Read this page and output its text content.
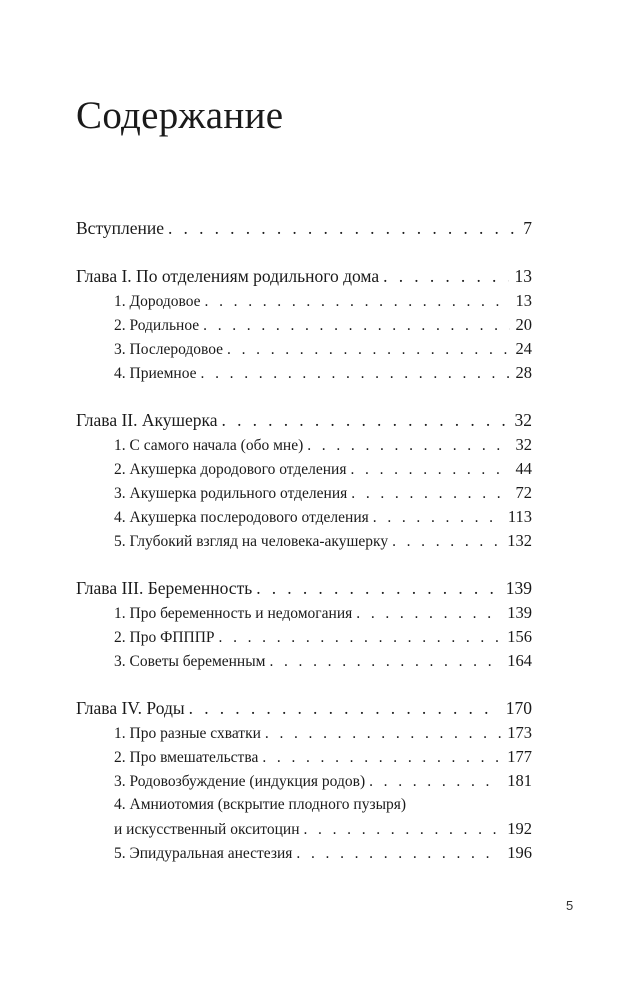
Содержание
Вступление . . .	7
Глава I. По отделениям родильного дома . . .	13
1. Дородовое . . .	13
2. Родильное . . .	20
3. Послеродовое . . .	24
4. Приемное . . .	28
Глава II. Акушерка . . .	32
1. С самого начала (обо мне) . . .	32
2. Акушерка дородового отделения . . .	44
3. Акушерка родильного отделения . . .	72
4. Акушерка послеродового отделения . . .	113
5. Глубокий взгляд на человека-акушерку . . .	132
Глава III. Беременность . . .	139
1. Про беременность и недомогания . . .	139
2. Про ФПППР . . .	156
3. Советы беременным . . .	164
Глава IV. Роды . . .	170
1. Про разные схватки . . .	173
2. Про вмешательства . . .	177
3. Родовозбуждение (индукция родов) . . .	181
4. Амниотомия (вскрытие плодного пузыря)
и искусственный окситоцин . . .	192
5. Эпидуральная анестезия . . .	196
5
